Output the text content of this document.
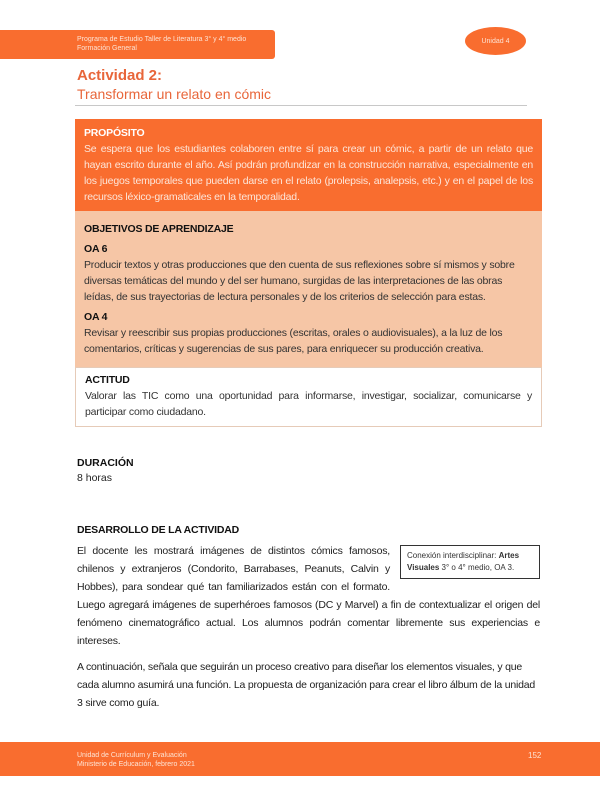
Programa de Estudio Taller de Literatura 3° y 4° medio
Formación General
Unidad 4
Actividad 2:
Transformar un relato en cómic
PROPÓSITO

Se espera que los estudiantes colaboren entre sí para crear un cómic, a partir de un relato que hayan escrito durante el año. Así podrán profundizar en la construcción narrativa, especialmente en los juegos temporales que pueden darse en el relato (prolepsis, analepsis, etc.) y en el papel de los recursos léxico-gramaticales en la temporalidad.

OBJETIVOS DE APRENDIZAJE
OA 6

Producir textos y otras producciones que den cuenta de sus reflexiones sobre sí mismos y sobre diversas temáticas del mundo y del ser humano, surgidas de las interpretaciones de las obras leídas, de sus trayectorias de lectura personales y de los criterios de selección para estas.

OA 4

Revisar y reescribir sus propias producciones (escritas, orales o audiovisuales), a la luz de los comentarios, críticas y sugerencias de sus pares, para enriquecer su producción creativa.

ACTITUD

Valorar las TIC como una oportunidad para informarse, investigar, socializar, comunicarse y participar como ciudadano.

DURACIÓN
8 horas
DESARROLLO DE LA ACTIVIDAD
Conexión interdisciplinar: Artes Visuales 3° o 4° medio, OA 3.

El docente les mostrará imágenes de distintos cómics famosos, chilenos y extranjeros (Condorito, Barrabases, Peanuts, Calvin y Hobbes), para sondear qué tan familiarizados están con el formato. Luego agregará imágenes de superhéroes famosos (DC y Marvel) a fin de contextualizar el origen del fenómeno cinematográfico actual. Los alumnos podrán comentar libremente sus experiencias e intereses.

A continuación, señala que seguirán un proceso creativo para diseñar los elementos visuales, y que cada alumno asumirá una función. La propuesta de organización para crear el libro álbum de la unidad 3 sirve como guía.

Unidad de Currículum y Evaluación
Ministerio de Educación, febrero 2021
152
